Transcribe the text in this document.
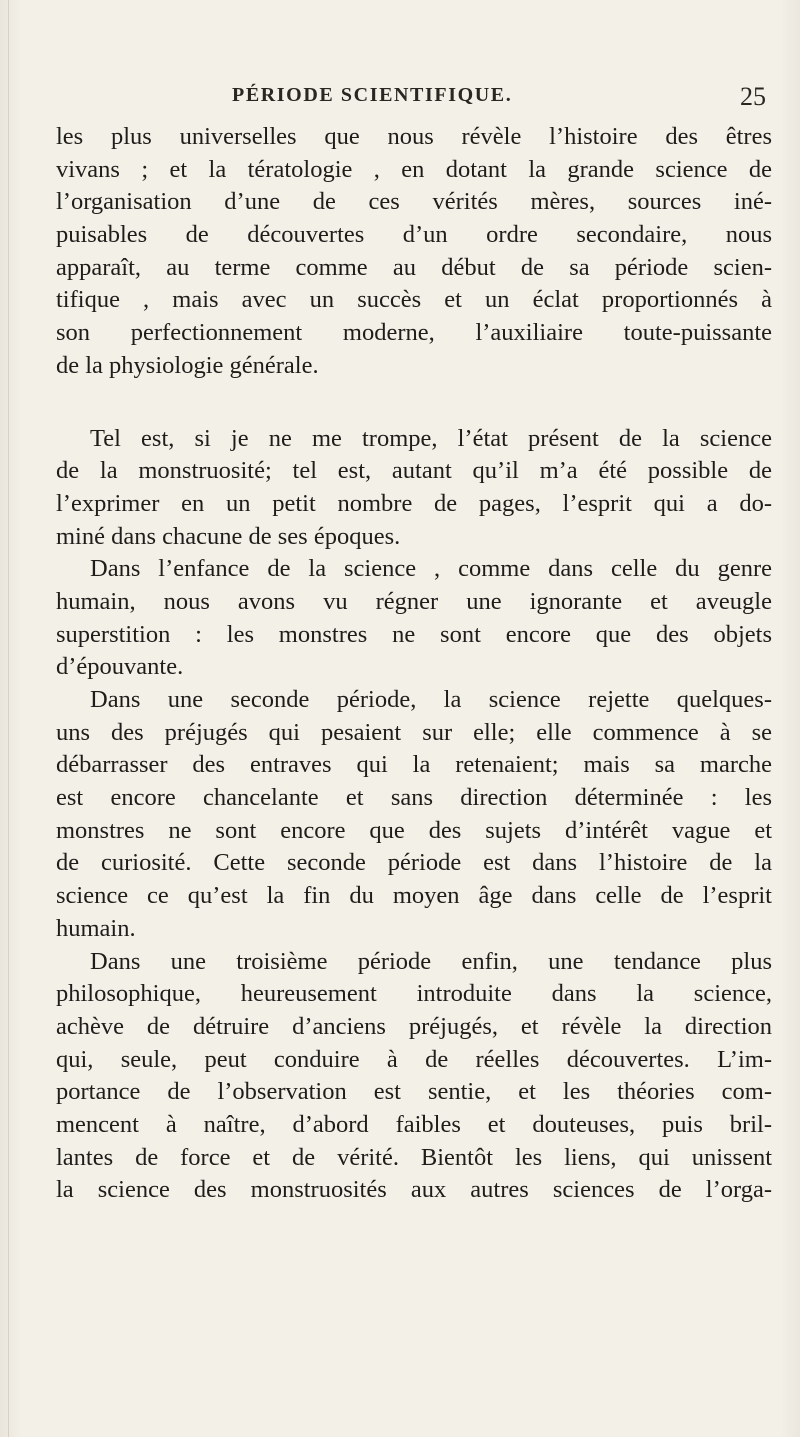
PÉRIODE SCIENTIFIQUE.	25
les plus universelles que nous révèle l’histoire des êtres
vivans ; et la tératologie , en dotant la grande science de
l’organisation d’une de ces vérités mères, sources iné-
puisables de découvertes d’un ordre secondaire, nous
apparaît, au terme comme au début de sa période scien-
tifique , mais avec un succès et un éclat proportionnés à
son perfectionnement moderne, l’auxiliaire toute-puissante
de la physiologie générale.
Tel est, si je ne me trompe, l’état présent de la science
de la monstruosité; tel est, autant qu’il m’a été possible de
l’exprimer en un petit nombre de pages, l’esprit qui a do-
miné dans chacune de ses époques.
Dans l’enfance de la science , comme dans celle du genre
humain, nous avons vu régner une ignorante et aveugle
superstition : les monstres ne sont encore que des objets
d’épouvante.
Dans une seconde période, la science rejette quelques-
uns des préjugés qui pesaient sur elle; elle commence à se
débarrasser des entraves qui la retenaient; mais sa marche
est encore chancelante et sans direction déterminée : les
monstres ne sont encore que des sujets d’intérêt vague et
de curiosité. Cette seconde période est dans l’histoire de la
science ce qu’est la fin du moyen âge dans celle de l’esprit
humain.
Dans une troisième période enfin, une tendance plus
philosophique, heureusement introduite dans la science,
achève de détruire d’anciens préjugés, et révèle la direction
qui, seule, peut conduire à de réelles découvertes. L’im-
portance de l’observation est sentie, et les théories com-
mencent à naître, d’abord faibles et douteuses, puis bril-
lantes de force et de vérité. Bientôt les liens, qui unissent
la science des monstruosités aux autres sciences de l’orga-
